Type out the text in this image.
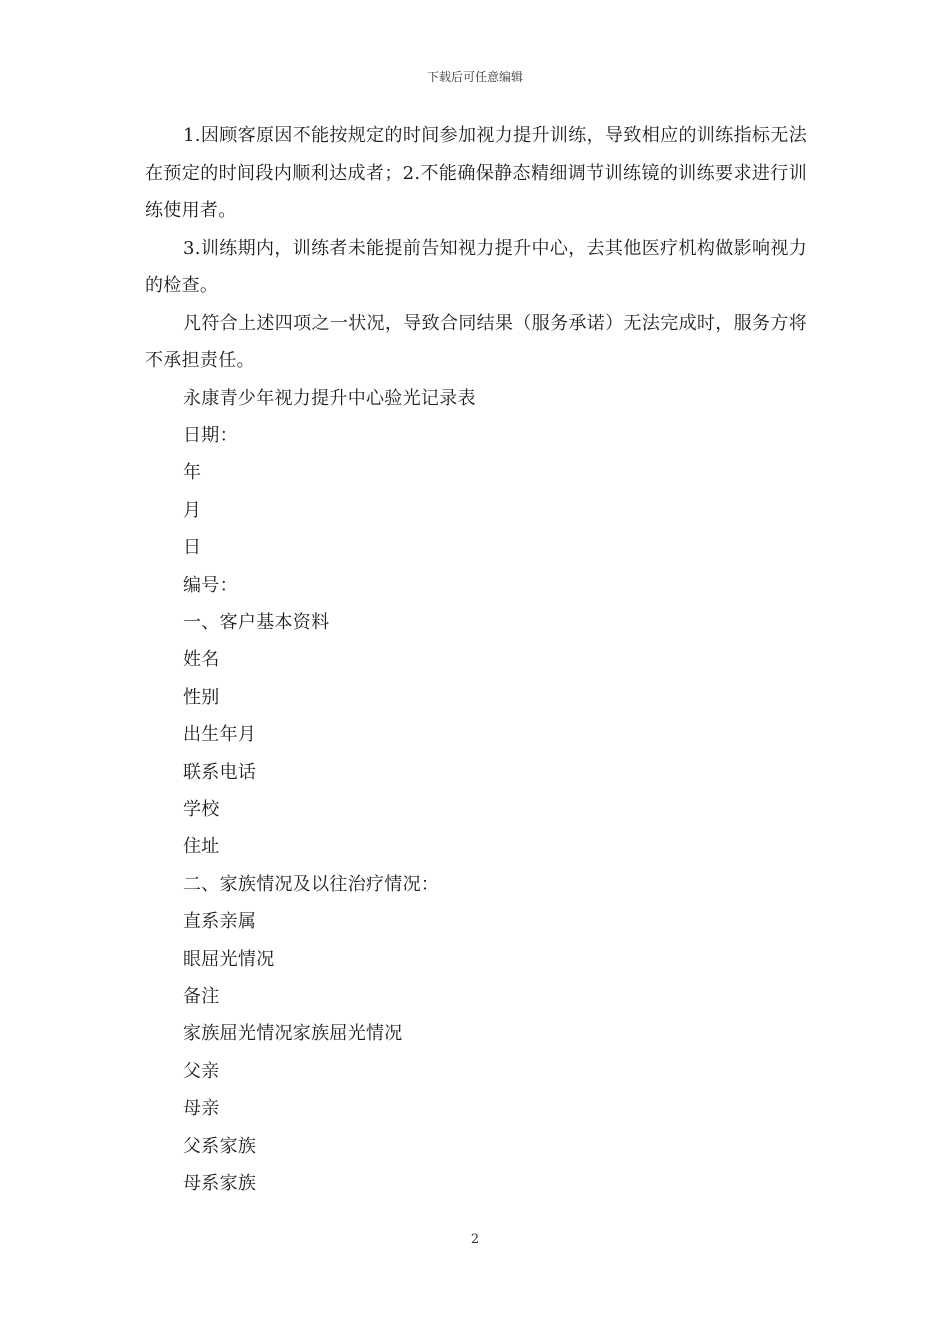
下载后可任意编辑

1.因顾客原因不能按规定的时间参加视力提升训练，导致相应的训练指标无法在预定的时间段内顺利达成者；2.不能确保静态精细调节训练镜的训练要求进行训练使用者。

3.训练期内，训练者未能提前告知视力提升中心，去其他医疗机构做影响视力的检查。

凡符合上述四项之一状况，导致合同结果（服务承诺）无法完成时，服务方将不承担责任。

永康青少年视力提升中心验光记录表

日期：

年

月

日

编号：

一、客户基本资料

姓名

性别

出生年月

联系电话

学校

住址

二、家族情况及以往治疗情况：

直系亲属

眼屈光情况

备注

家族屈光情况家族屈光情况

父亲

母亲

父系家族

母系家族

2
